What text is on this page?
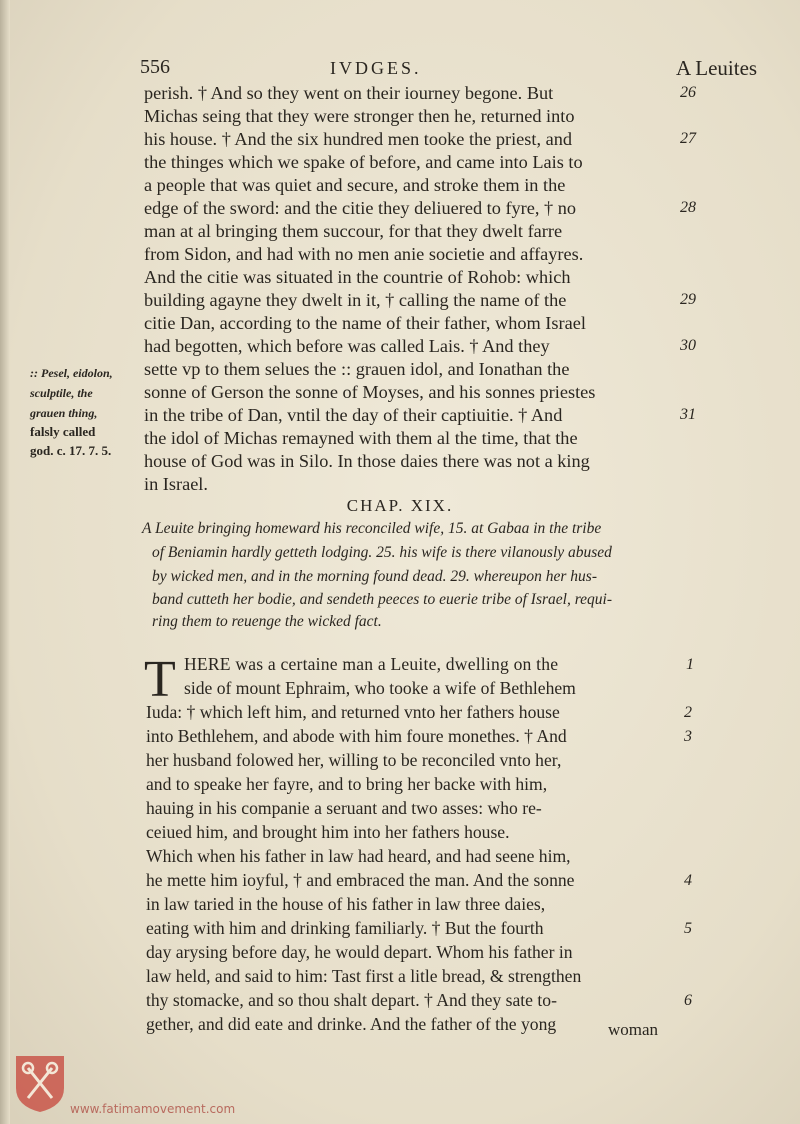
556	IVDGES.	A Leuites
perish. † And so they went on their iourney begone. But
Michas seing that they were stronger then he, returned into
his house. † And the six hundred men tooke the priest, and
the thinges which we spake of before, and came into Lais to
a people that was quiet and secure, and stroke them in the
edge of the sword: and the citie they deliuered to fyre, † no
man at al bringing them succour, for that they dwelt farre
from Sidon, and had with no men anie societie and affayres.
And the citie was situated in the countrie of Rohob: which
building agayne they dwelt in it, † calling the name of the
citie Dan, according to the name of their father, whom Israel
had begotten, which before was called Lais. † And they
sette vp to them selues the :: grauen idol, and Ionathan the
sonne of Gerson the sonne of Moyses, and his sonnes priestes
in the tribe of Dan, vntil the day of their captiuitie. † And
the idol of Michas remayned with them al the time, that the
house of God was in Silo. In those daies there was not a king
in Israel.
26
27
28
29
30
31
:: Pesel, eidolon,
sculptile, the
grauen thing,
falsly called
god. c. 17. 7. 5.
CHAP. XIX.
A Leuite bringing homeward his reconciled wife, 15. at Gabaa in the tribe
of Beniamin hardly getteth lodging. 25. his wife is there vilanously abused
by wicked men, and in the morning found dead. 29. whereupon her hus-
band cutteth her bodie, and sendeth peeces to euerie tribe of Israel, requi-
ring them to reuenge the wicked fact.
T HERE was a certaine man a Leuite, dwelling on the
side of mount Ephraim, who tooke a wife of Bethlehem
Iuda: † which left him, and returned vnto her fathers house
into Bethlehem, and abode with him foure monethes. † And
her husband folowed her, willing to be reconciled vnto her,
and to speake her fayre, and to bring her backe with him,
hauing in his companie a seruant and two asses: who re-
ceiued him, and brought him into her fathers house.
Which when his father in law had heard, and had seene him,
he mette him ioyful, † and embraced the man. And the sonne
in law taried in the house of his father in law three daies,
eating with him and drinking familiarly. † But the fourth
day arysing before day, he would depart. Whom his father in
law held, and said to him: Tast first a litle bread, & strengthen
thy stomacke, and so thou shalt depart. † And they sate to-
gether, and did eate and drinke. And the father of the yong
1
2
3
4
5
6
woman
www.fatimamovement.com
